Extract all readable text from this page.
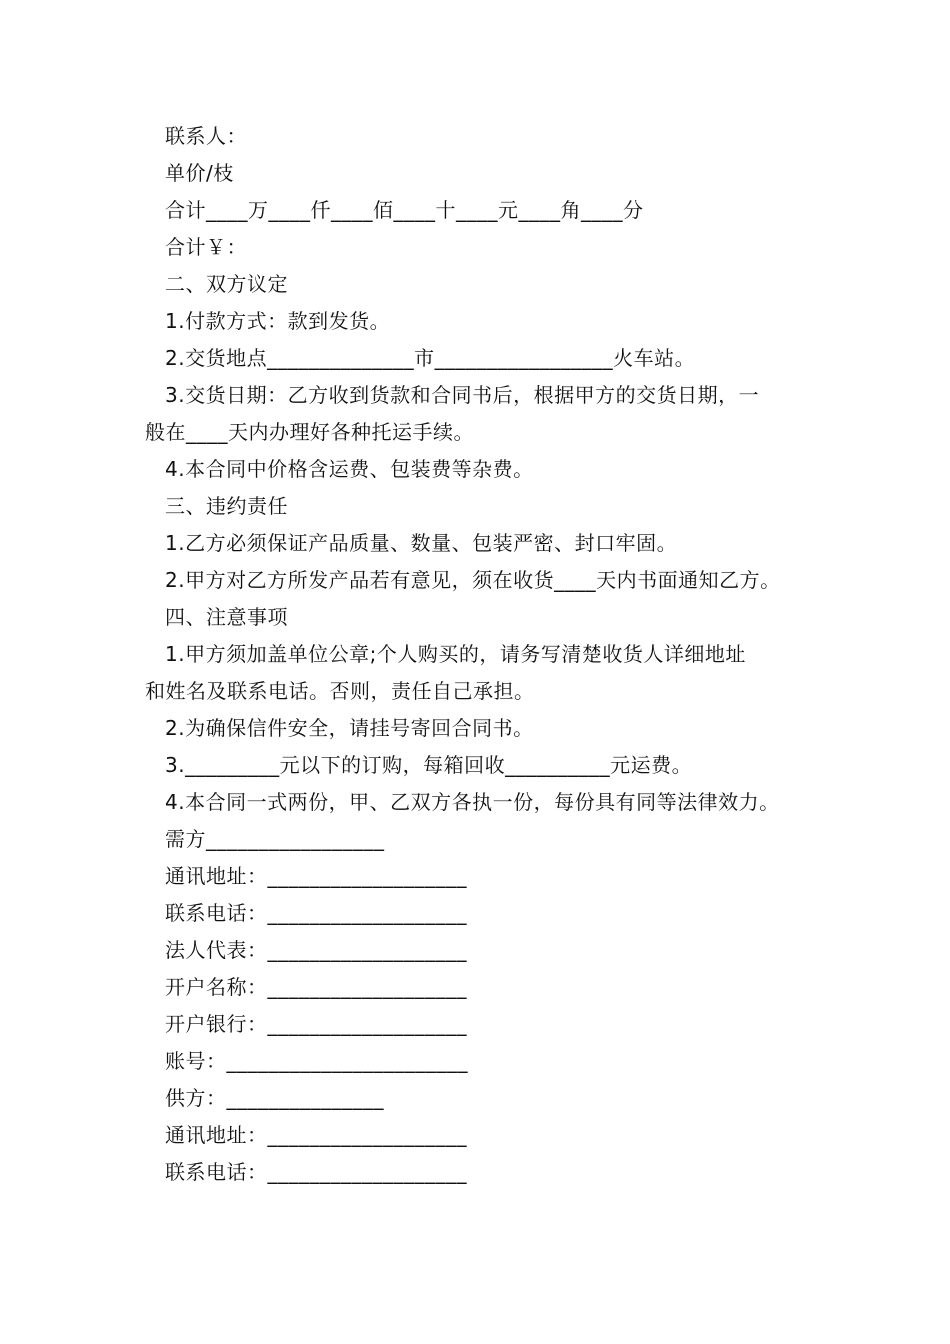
联系人：
单价/枝
合计____万____仟____佰____十____元____角____分
合计￥：
二、双方议定
1.付款方式：款到发货。
2.交货地点______________市_________________火车站。
3.交货日期：乙方收到货款和合同书后，根据甲方的交货日期，一
般在____天内办理好各种托运手续。
4.本合同中价格含运费、包装费等杂费。
三、违约责任
1.乙方必须保证产品质量、数量、包装严密、封口牢固。
2.甲方对乙方所发产品若有意见，须在收货____天内书面通知乙方。
四、注意事项
1.甲方须加盖单位公章;个人购买的，请务写清楚收货人详细地址
和姓名及联系电话。否则，责任自己承担。
2.为确保信件安全，请挂号寄回合同书。
3._________元以下的订购，每箱回收__________元运费。
4.本合同一式两份，甲、乙双方各执一份，每份具有同等法律效力。
需方_________________
通讯地址：___________________
联系电话：___________________
法人代表：___________________
开户名称：___________________
开户银行：___________________
账号：_______________________
供方：_______________
通讯地址：___________________
联系电话：___________________
